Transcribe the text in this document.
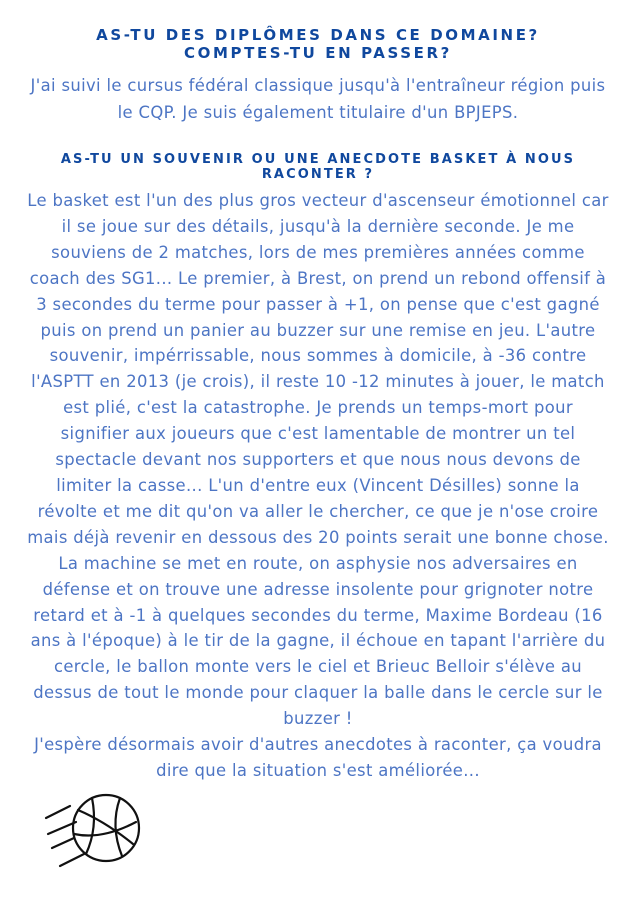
AS-TU DES DIPLÔMES DANS CE DOMAINE? COMPTES-TU EN PASSER?

J'ai suivi le cursus fédéral classique jusqu'à l'entraîneur région puis le CQP. Je suis également titulaire d'un BPJEPS.

AS-TU UN SOUVENIR OU UNE ANECDOTE BASKET À NOUS RACONTER ?

Le basket est l'un des plus gros vecteur d'ascenseur émotionnel car il se joue sur des détails, jusqu'à la dernière seconde. Je me souviens de 2 matches, lors de mes premières années comme coach des SG1... Le premier, à Brest, on prend un rebond offensif à 3 secondes du terme pour passer à +1, on pense que c'est gagné puis on prend un panier au buzzer sur une remise en jeu. L'autre souvenir, impérrissable, nous sommes à domicile, à -36 contre l'ASPTT en 2013 (je crois), il reste 10 -12 minutes à jouer, le match est plié, c'est la catastrophe. Je prends un temps-mort pour signifier aux joueurs que c'est lamentable de montrer un tel spectacle devant nos supporters et que nous nous devons de limiter la casse... L'un d'entre eux (Vincent Désilles) sonne la révolte et me dit qu'on va aller le chercher, ce que je n'ose croire mais déjà revenir en dessous des 20 points serait une bonne chose. La machine se met en route, on asphysie nos adversaires en défense et on trouve une adresse insolente pour grignoter notre retard et à -1 à quelques secondes du terme, Maxime Bordeau (16 ans à l'époque) à le tir de la gagne, il échoue en tapant l'arrière du cercle, le ballon monte vers le ciel et Brieuc Belloir s'élève au dessus de tout le monde pour claquer la balle dans le cercle sur le buzzer !
J'espère désormais avoir d'autres anecdotes à raconter, ça voudra dire que la situation s'est améliorée...
